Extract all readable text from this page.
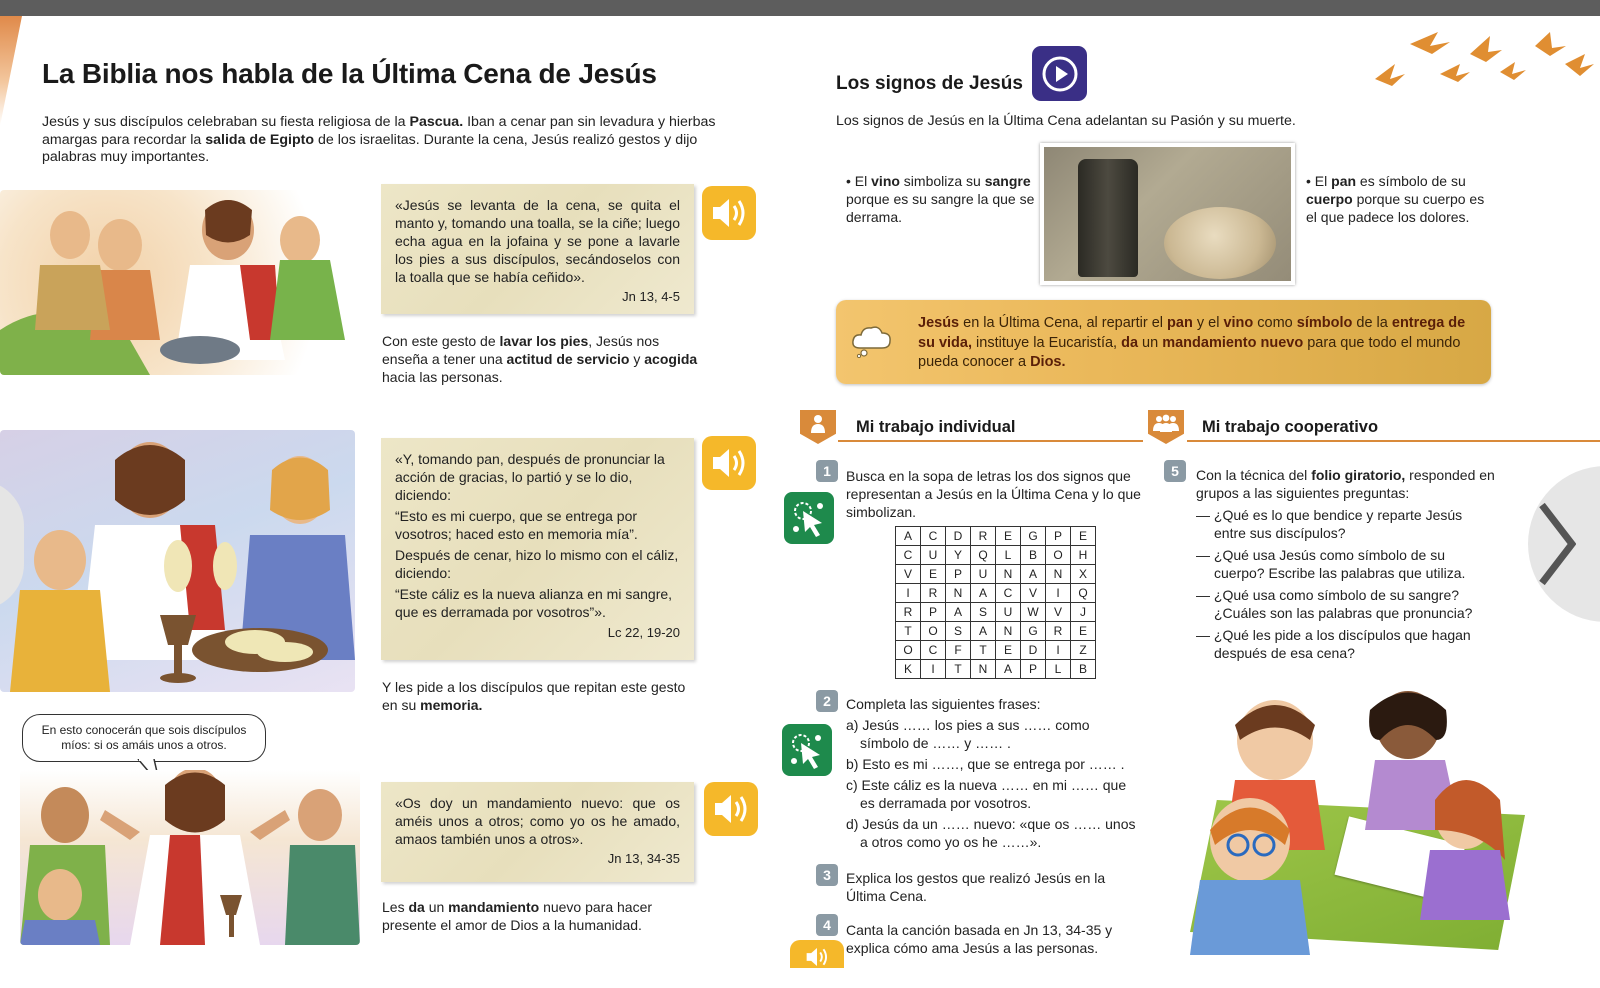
La Biblia nos habla de la Última Cena de Jesús
Jesús y sus discípulos celebraban su fiesta religiosa de la Pascua. Iban a cenar pan sin levadura y hierbas amargas para recordar la salida de Egipto de los israelitas. Durante la cena, Jesús realizó gestos y dijo palabras muy importantes.
«Jesús se levanta de la cena, se quita el manto y, tomando una toalla, se la ciñe; luego echa agua en la jofaina y se pone a lavarle los pies a sus discípulos, secándoselos con la toalla que se había ceñido».
Jn 13, 4-5
Con este gesto de lavar los pies, Jesús nos enseña a tener una actitud de servicio y acogida hacia las personas.

«Y, tomando pan, después de pronunciar la acción de gracias, lo partió y se lo dio, diciendo:

“Esto es mi cuerpo, que se entrega por vosotros; haced esto en memoria mía”.

Después de cenar, hizo lo mismo con el cáliz, diciendo:

“Este cáliz es la nueva alianza en mi sangre, que es derramada por vosotros”».

Lc 22, 19-20
Y les pide a los discípulos que repitan este gesto en su memoria.
En esto conocerán que sois discípulos míos: si os amáis unos a otros.
«Os doy un mandamiento nuevo: que os améis unos a otros; como yo os he amado, amaos también unos a otros».
Jn 13, 34-35
Les da un mandamiento nuevo para hacer presente el amor de Dios a la humanidad.
Los signos de Jesús
Los signos de Jesús en la Última Cena adelantan su Pasión y su muerte.
• El vino simboliza su sangre porque es su sangre la que se derrama.
• El pan es símbolo de su cuerpo porque su cuerpo es el que padece los dolores.
Jesús en la Última Cena, al repartir el pan y el vino como símbolo de la entrega de su vida, instituye la Eucaristía, da un mandamiento nuevo para que todo el mundo pueda conocer a Dios.
Mi trabajo individual	Mi trabajo cooperativo
1	Busca en la sopa de letras los dos signos que representan a Jesús en la Última Cena y lo que simbolizan.
A	C	D	R	E	G	P	E
C	U	Y	Q	L	B	O	H
V	E	P	U	N	A	N	X
I	R	N	A	C	V	I	Q
R	P	A	S	U	W	V	J
T	O	S	A	N	G	R	E
O	C	F	T	E	D	I	Z
K	I	T	N	A	P	L	B
2	Completa las siguientes frases:
a) Jesús …… los pies a sus …… como símbolo de …… y …… .
b) Esto es mi ……, que se entrega por …… .
c) Este cáliz es la nueva …… en mi …… que es derramada por vosotros.
d) Jesús da un …… nuevo: «que os …… unos a otros como yo os he ……».
3	Explica los gestos que realizó Jesús en la Última Cena.
4	Canta la canción basada en Jn 13, 34-35 y explica cómo ama Jesús a las personas.
5	Con la técnica del folio giratorio, responded en grupos a las siguientes preguntas:
— ¿Qué es lo que bendice y reparte Jesús entre sus discípulos?
— ¿Qué usa Jesús como símbolo de su cuerpo? Escribe las palabras que utiliza.
— ¿Qué usa como símbolo de su sangre? ¿Cuáles son las palabras que pronuncia?
— ¿Qué les pide a los discípulos que hagan después de esa cena?
